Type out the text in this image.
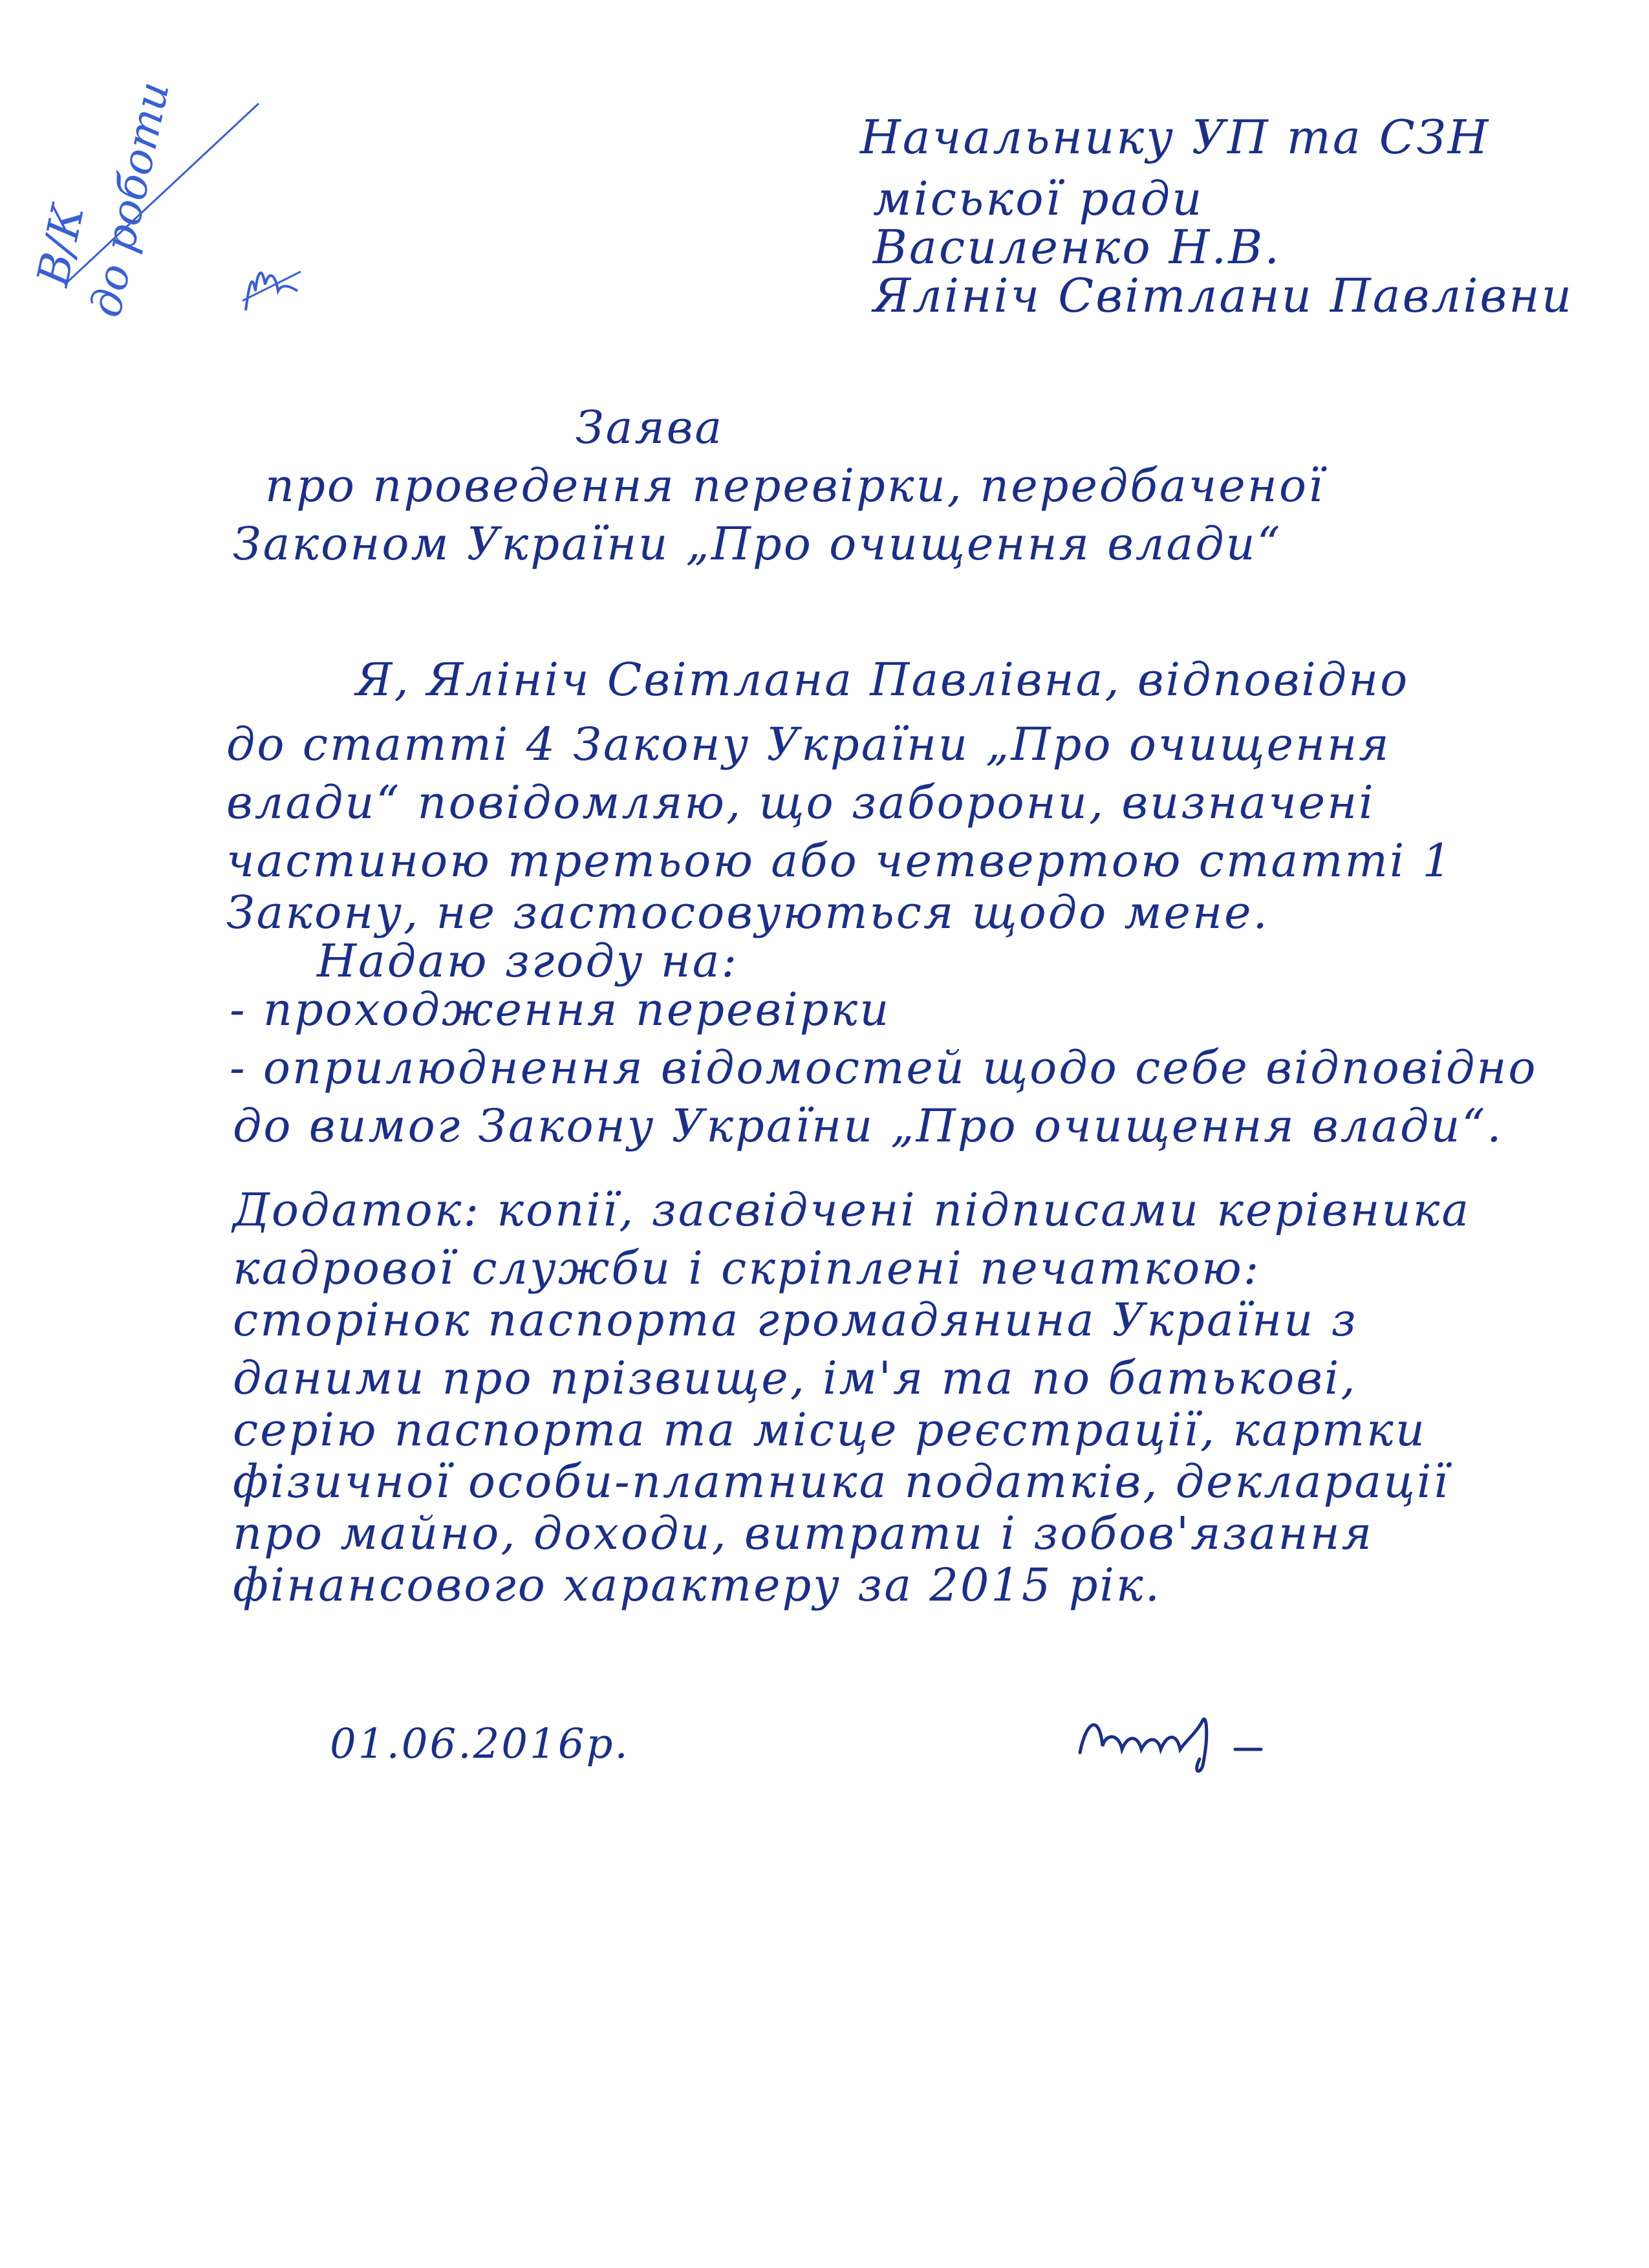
В/К
до роботи	Начальнику УП та СЗН
міської ради
Василенко Н.В.
Ялініч Світлани Павлівни
Заява
про проведення перевірки, передбаченої
Законом України „Про очищення влади“
Я, Ялініч Світлана Павлівна, відповідно
до статті 4 Закону України „Про очищення
влади“ повідомляю, що заборони, визначені
частиною третьою або четвертою статті 1
Закону, не застосовуються щодо мене.
Надаю згоду на:
- проходження перевірки
- оприлюднення відомостей щодо себе відповідно
до вимог Закону України „Про очищення влади“.
Додаток: копії, засвідчені підписами керівника
кадрової служби і скріплені печаткою:
сторінок паспорта громадянина України з
даними про прізвище, ім'я та по батькові,
серію паспорта та місце реєстрації, картки
фізичної особи-платника податків, декларації
про майно, доходи, витрати і зобов'язання
фінансового характеру за 2015 рік.
01.06.2016р.
